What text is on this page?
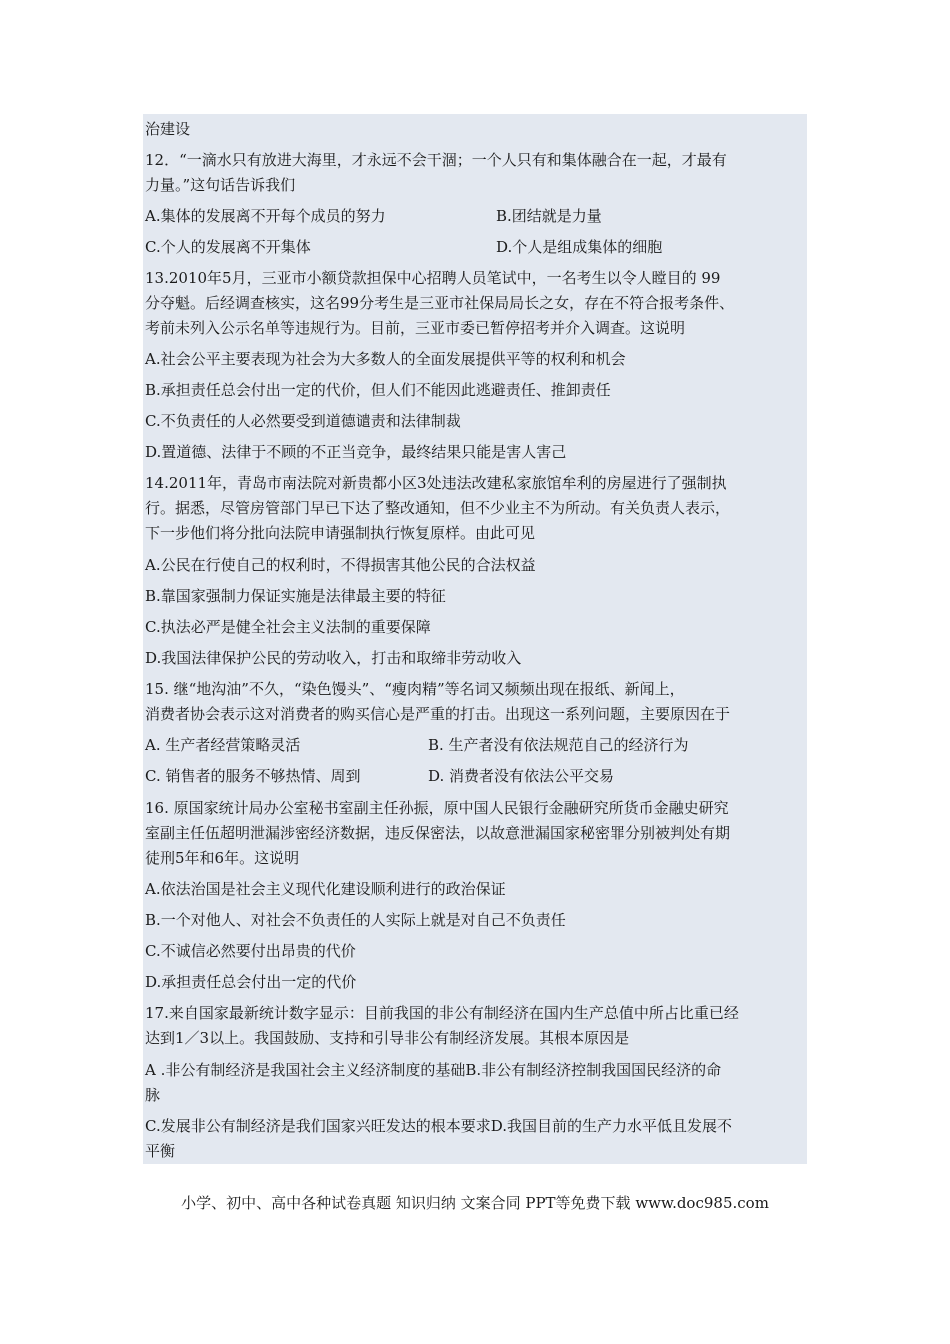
治建设
12．“一滴水只有放进大海里，才永远不会干涸；一个人只有和集体融合在一起，才最有
力量。”这句话告诉我们
A.集体的发展离不开每个成员的努力	B.团结就是力量
C.个人的发展离不开集体	D.个人是组成集体的细胞
13.2010年5月，三亚市小额贷款担保中心招聘人员笔试中，一名考生以令人瞠目的 99
分夺魁。后经调查核实，这名99分考生是三亚市社保局局长之女，存在不符合报考条件、
考前未列入公示名单等违规行为。目前，三亚市委已暂停招考并介入调查。这说明
A.社会公平主要表现为社会为大多数人的全面发展提供平等的权利和机会
B.承担责任总会付出一定的代价，但人们不能因此逃避责任、推卸责任
C.不负责任的人必然要受到道德谴责和法律制裁
D.置道德、法律于不顾的不正当竞争，最终结果只能是害人害己
14.2011年，青岛市南法院对新贵都小区3处违法改建私家旅馆牟利的房屋进行了强制执
行。据悉，尽管房管部门早已下达了整改通知，但不少业主不为所动。有关负责人表示，
下一步他们将分批向法院申请强制执行恢复原样。由此可见
A.公民在行使自己的权利时，不得损害其他公民的合法权益
B.靠国家强制力保证实施是法律最主要的特征
C.执法必严是健全社会主义法制的重要保障
D.我国法律保护公民的劳动收入，打击和取缔非劳动收入
15. 继“地沟油”不久，“染色馒头”、“瘦肉精”等名词又频频出现在报纸、新闻上，
消费者协会表示这对消费者的购买信心是严重的打击。出现这一系列问题，主要原因在于
A. 生产者经营策略灵活	B. 生产者没有依法规范自己的经济行为
C. 销售者的服务不够热情、周到	D. 消费者没有依法公平交易
16. 原国家统计局办公室秘书室副主任孙振，原中国人民银行金融研究所货币金融史研究
室副主任伍超明泄漏涉密经济数据，违反保密法，以故意泄漏国家秘密罪分别被判处有期
徒刑5年和6年。这说明
A.依法治国是社会主义现代化建设顺利进行的政治保证
B.一个对他人、对社会不负责任的人实际上就是对自己不负责任
C.不诚信必然要付出昂贵的代价
D.承担责任总会付出一定的代价
17.来自国家最新统计数字显示：目前我国的非公有制经济在国内生产总值中所占比重已经
达到1／3以上。我国鼓励、支持和引导非公有制经济发展。其根本原因是
A .非公有制经济是我国社会主义经济制度的基础B.非公有制经济控制我国国民经济的命
脉
C.发展非公有制经济是我们国家兴旺发达的根本要求D.我国目前的生产力水平低且发展不
平衡
小学、初中、高中各种试卷真题 知识归纳 文案合同 PPT等免费下载 www.doc985.com
